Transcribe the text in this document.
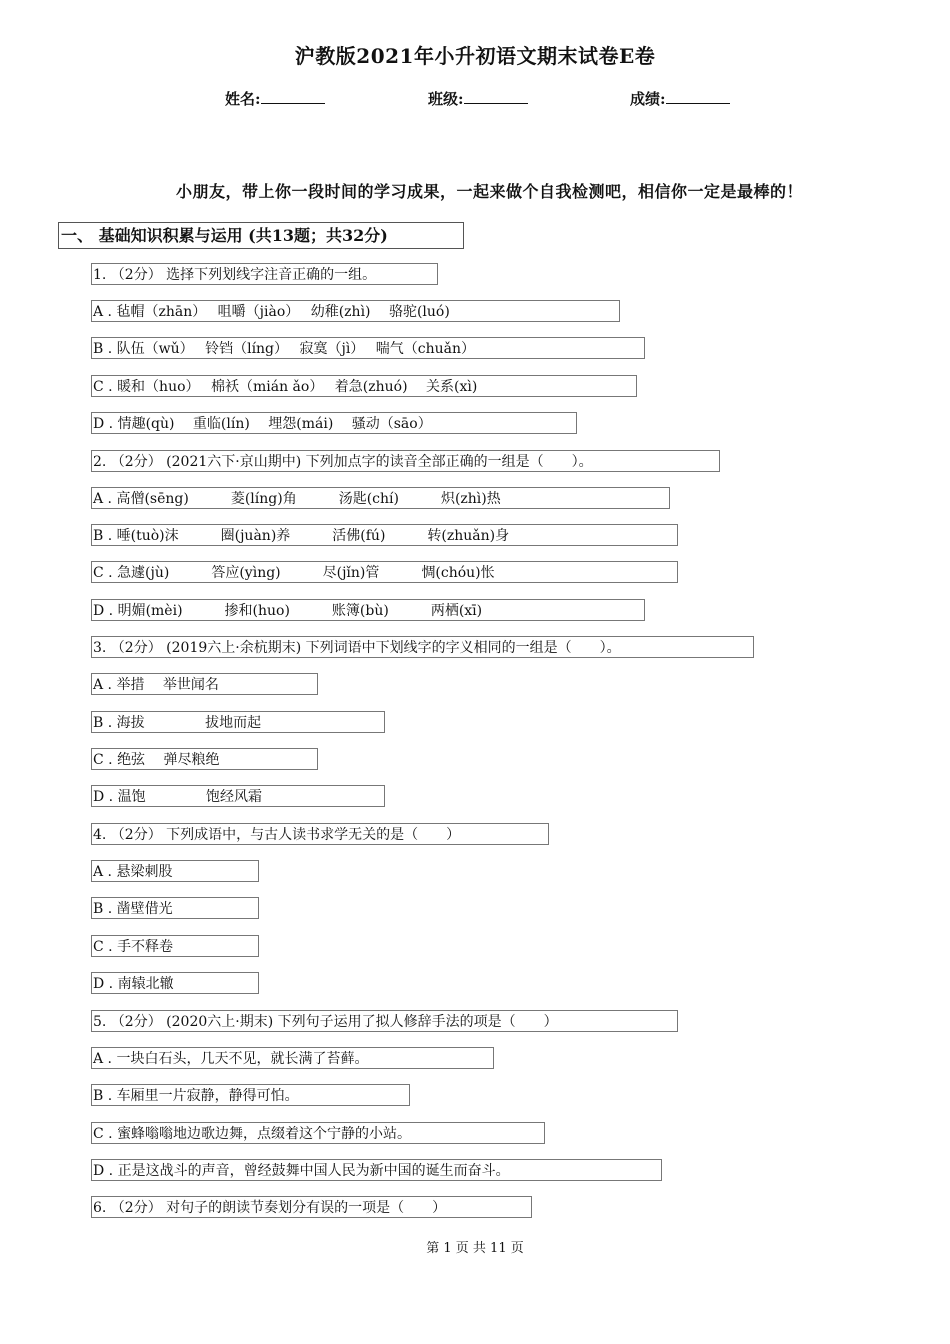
沪教版2021年小升初语文期末试卷E卷
姓名:	班级:	成绩:
小朋友，带上你一段时间的学习成果，一起来做个自我检测吧，相信你一定是最棒的！
一、 基础知识积累与运用 (共13题；共32分)
1. （2分） 选择下列划线字注音正确的一组。
A . 毡帽（zhān）　 咀嚼（jiào）　 幼稚(zhì)　 骆驼(luó)
B . 队伍（wǔ）　 铃铛（líng）　 寂寞（jì）　 喘气（chuǎn）
C . 暖和（huo）　 棉袄（mián ǎo）　 着急(zhuó)　 关系(xì)
D . 情趣(qù)　 重临(lín)　 埋怨(mái)　 骚动（sāo）
2. （2分） (2021六下·京山期中) 下列加点字的读音全部正确的一组是（　　）。
A . 高僧(sēng)　　　菱(líng)角　　　汤匙(chí)　　　炽(zhì)热
B . 唾(tuò)沫　　　圈(juàn)养　　　活佛(fú)　　　转(zhuǎn)身
C . 急遽(jù)　　　答应(yìng)　　　尽(jǐn)管　　　惆(chóu)怅
D . 明媚(mèi)　　　掺和(huo)　　　账簿(bù)　　　两栖(xī)
3. （2分） (2019六上·余杭期末) 下列词语中下划线字的字义相同的一组是（　　）。
A . 举措　 举世闻名
B . 海拔　　　　 拔地而起
C . 绝弦　 弹尽粮绝
D . 温饱　　　　 饱经风霜
4. （2分） 下列成语中，与古人读书求学无关的是（　　）
A . 悬梁刺股
B . 凿壁借光
C . 手不释卷
D . 南辕北辙
5. （2分） (2020六上·期末) 下列句子运用了拟人修辞手法的项是（　　）
A . 一块白石头，几天不见，就长满了苔藓。
B . 车厢里一片寂静，静得可怕。
C . 蜜蜂嗡嗡地边歌边舞，点缀着这个宁静的小站。
D . 正是这战斗的声音，曾经鼓舞中国人民为新中国的诞生而奋斗。
6. （2分） 对句子的朗读节奏划分有误的一项是（　　）
第 1 页 共 11 页
